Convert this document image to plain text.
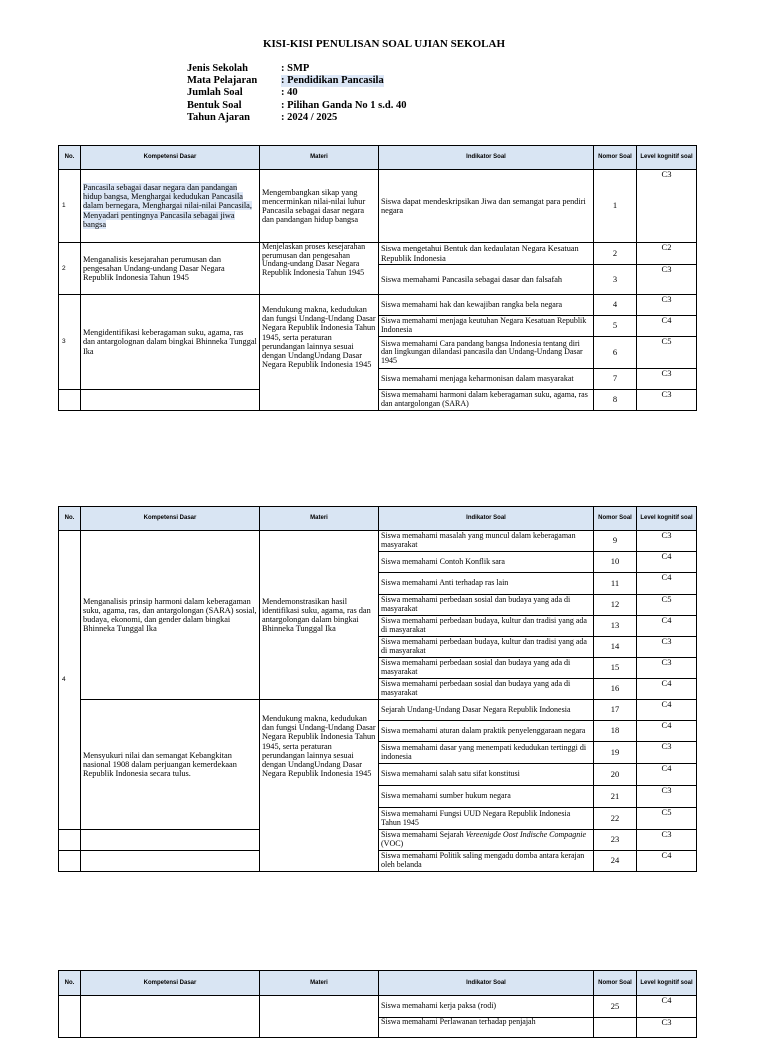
KISI-KISI PENULISAN SOAL UJIAN SEKOLAH
Jenis Sekolah	: SMP
Mata Pelajaran	: Pendidikan Pancasila
Jumlah Soal	: 40
Bentuk Soal	: Pilihan Ganda No 1 s.d. 40
Tahun Ajaran	: 2024 / 2025
No.	Kompetensi Dasar	Materi	Indikator Soal	Nomor Soal	Level kognitif soal
1	Pancasila sebagai dasar negara dan pandangan hidup bangsa, Menghargai kedudukan Pancasila dalam bernegara, Menghargai nilai-nilai Pancasila, Menyadari pentingnya Pancasila sebagai jiwa bangsa	Mengembangkan sikap yang mencerminkan nilai-nilai luhur Pancasila sebagai dasar negara dan pandangan hidup bangsa	Siswa dapat mendeskripsikan Jiwa dan semangat para pendiri negara	1	C3
2	Menganalisis kesejarahan perumusan dan pengesahan Undang-undang Dasar Negara Republik Indonesia Tahun 1945	Menjelaskan proses kesejarahan perumusan dan pengesahan Undang-undang Dasar Negara Republik Indonesia Tahun 1945	Siswa mengetahui Bentuk dan kedaulatan Negara Kesatuan Republik Indonesia	2	C2
			Siswa memahami Pancasila sebagai dasar dan falsafah	3	C3
3	Mengidentifikasi keberagaman suku, agama, ras dan antargolognan dalam bingkai Bhinneka Tunggal Ika	Mendukung makna, kedudukan dan fungsi Undang-Undang Dasar Negara Republik Indonesia Tahun 1945, serta peraturan perundangan lainnya sesuai dengan UndangUndang Dasar Negara Republik Indonesia 1945	Siswa memahami hak dan kewajiban rangka bela negara	4	C3
			Siswa memahami menjaga keutuhan Negara Kesatuan Republik Indonesia	5	C4
			Siswa memahami Cara pandang bangsa Indonesia tentang diri dan lingkungan dilandasi pancasila dan Undang-Undang Dasar 1945	6	C5
			Siswa memahami menjaga keharmonisan dalam masyarakat	7	C3
			Siswa memahami harmoni dalam keberagaman suku, agama, ras dan antargolongan (SARA)	8	C3
No.	Kompetensi Dasar	Materi	Indikator Soal	Nomor Soal	Level kognitif soal
4	Menganalisis prinsip harmoni dalam keberagaman suku, agama, ras, dan antargolongan (SARA) sosial, budaya, ekonomi, dan gender dalam bingkai Bhinneka Tunggal Ika	Mendemonstrasikan hasil identifikasi suku, agama, ras dan antargolongan dalam bingkai Bhinneka Tunggal Ika	Siswa memahami masalah yang muncul dalam keberagaman masyarakat	9	C3
			Siswa memahami Contoh Konflik sara	10	C4
			Siswa memahami Anti terhadap ras lain	11	C4
			Siswa memahami perbedaan sosial dan budaya yang ada di masyarakat	12	C5
			Siswa memahami perbedaan budaya, kultur dan tradisi yang ada di masyarakat	13	C4
			Siswa memahami perbedaan budaya, kultur dan tradisi yang ada di masyarakat	14	C3
			Siswa memahami perbedaan sosial dan budaya yang ada di masyarakat	15	C3
			Siswa memahami perbedaan sosial dan budaya yang ada di masyarakat	16	C4
	Mensyukuri nilai dan semangat Kebangkitan nasional 1908 dalam perjuangan kemerdekaan Republik Indonesia secara tulus.	Mendukung makna, kedudukan dan fungsi Undang-Undang Dasar Negara Republik Indonesia Tahun 1945, serta peraturan perundangan lainnya sesuai dengan UndangUndang Dasar Negara Republik Indonesia 1945	Sejarah Undang-Undang Dasar Negara Republik Indonesia	17	C4
			Siswa memahami aturan dalam praktik penyelenggaraan negara	18	C4
			Siswa memahami dasar yang menempati kedudukan tertinggi di indonesia	19	C3
			Siswa memahami salah satu sifat konstitusi	20	C4
			Siswa memahami sumber hukum negara	21	C3
			Siswa memahami Fungsi UUD Negara Republik Indonesia Tahun 1945	22	C5
			Siswa memahami Sejarah Vereenigde Oost Indische Compagnie (VOC)	23	C3
			Siswa memahami Politik saling mengadu domba antara kerajan oleh belanda	24	C4
No.	Kompetensi Dasar	Materi	Indikator Soal	Nomor Soal	Level kognitif soal
			Siswa memahami kerja paksa (rodi)	25	C4
			Siswa memahami Perlawanan terhadap penjajah		C3
